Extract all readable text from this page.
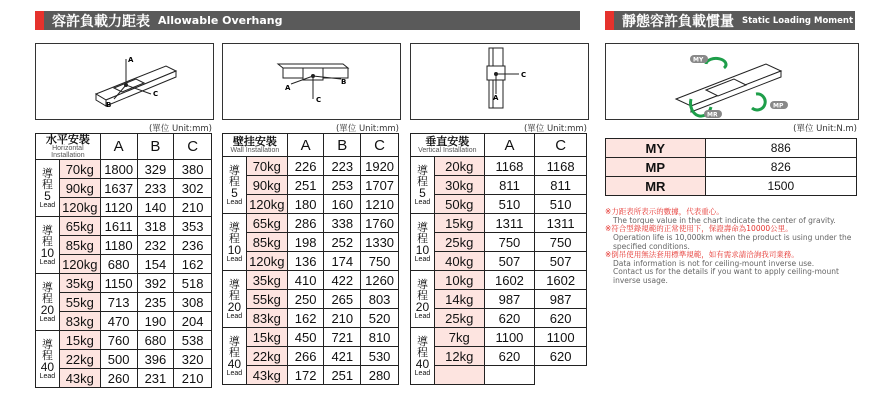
容許負載力距表 Allowable Overhang	靜態容許負載慣量 Static Loading Moment
A
B
C
A
B
C	A
C
MY
MP
MR
(單位 Unit:mm)	(單位 Unit:mm)	(單位 Unit:mm)	(單位 Unit:N.m)
水平安裝
Horizontal Installation		A	B	C

導
程
5
Lead	70kg	1800	329	380
	90kg	1637	233	302
	120kg	1120	140	210

導
程
10
Lead	65kg	1611	318	353
	85kg	1180	232	236
	120kg	680	154	162

導
程
20
Lead	35kg	1150	392	518
	55kg	713	235	308
	83kg	470	190	204

導
程
40
Lead	15kg	760	680	538
	22kg	500	396	320
	43kg	260	231	210
壁挂安裝
Wall Installation		A	B	C

導
程
5
Lead	70kg	226	223	1920
	90kg	251	253	1707
	120kg	180	160	1210

導
程
10
Lead	65kg	286	338	1760
	85kg	198	252	1330
	120kg	136	174	750

導
程
20
Lead	35kg	410	422	1260
	55kg	250	265	803
	83kg	162	210	520

導
程
40
Lead	15kg	450	721	810
	22kg	266	421	530
	43kg	172	251	280
垂直安裝
Vertical Installation		A	C

導
程
5
Lead	20kg	1168	1168
	30kg	811	811
	50kg	510	510

導
程
10
Lead	15kg	1311	1311
	25kg	750	750
	40kg	507	507

導
程
20
Lead	10kg	1602	1602
	14kg	987	987
	25kg	620	620

導
程
40
Lead	7kg	1100	1100
	12kg	620	620

MY	886
MP	826
MR	1500

※力距表所表示的數據，代表重心。

The torque value in the chart indicate the center of gravity.

※符合型錄規範的正常使用下，保證壽命為10000公里。

Operation life is 10,000km when the product is using under the

specified conditions.

※倒吊使用無法套用標準規範，如有需求請洽詢我司業務。

Data information is not for ceiling-mount inverse use.

Contact us for the details if you want to apply ceiling-mount

inverse usage.
